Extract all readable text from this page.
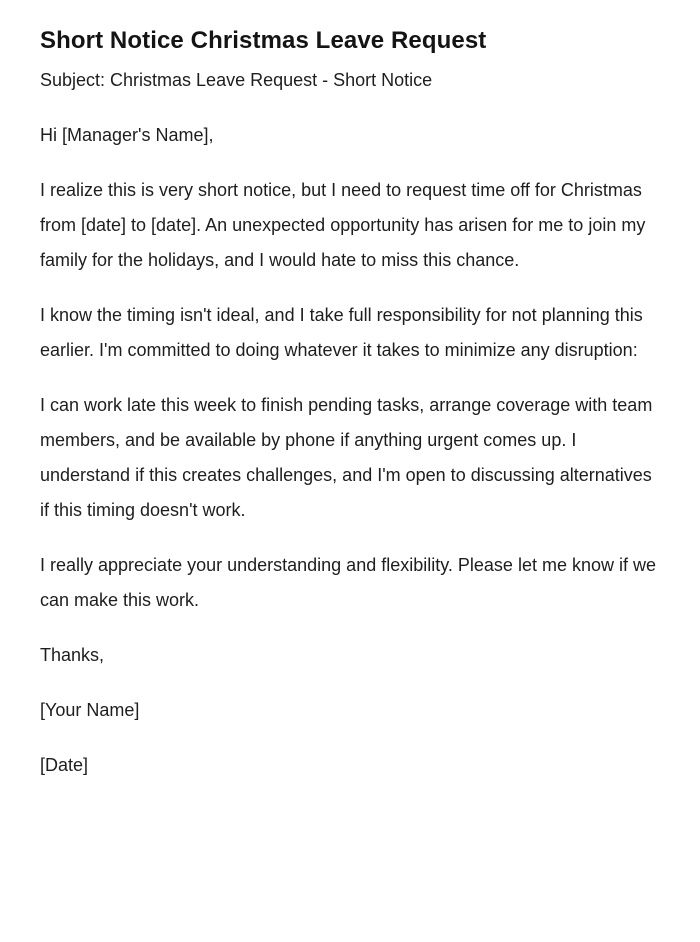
Short Notice Christmas Leave Request

Subject: Christmas Leave Request - Short Notice

Hi [Manager's Name],

I realize this is very short notice, but I need to request time off for Christmas from [date] to [date]. An unexpected opportunity has arisen for me to join my family for the holidays, and I would hate to miss this chance.

I know the timing isn't ideal, and I take full responsibility for not planning this earlier. I'm committed to doing whatever it takes to minimize any disruption:

I can work late this week to finish pending tasks, arrange coverage with team members, and be available by phone if anything urgent comes up. I understand if this creates challenges, and I'm open to discussing alternatives if this timing doesn't work.

I really appreciate your understanding and flexibility. Please let me know if we can make this work.

Thanks,

[Your Name]

[Date]
